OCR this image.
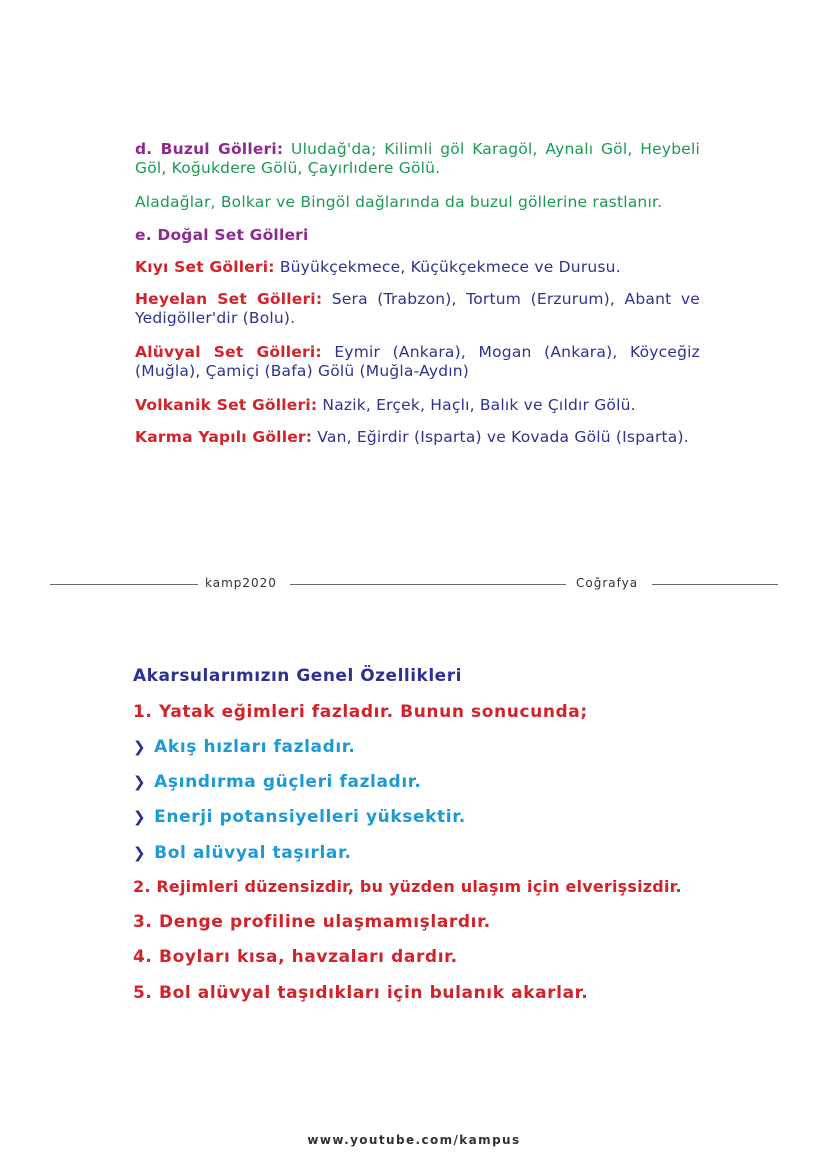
d. Buzul Gölleri: Uludağ'da; Kilimli göl Karagöl, Aynalı Göl, Heybeli Göl, Koğukdere Gölü, Çayırlıdere Gölü.
Aladağlar, Bolkar ve Bingöl dağlarında da buzul göllerine rastlanır.
e. Doğal Set Gölleri
Kıyı Set Gölleri: Büyükçekmece, Küçükçekmece ve Durusu.
Heyelan Set Gölleri: Sera (Trabzon), Tortum (Erzurum), Abant ve Yedigöller'dir (Bolu).
Alüvyal Set Gölleri: Eymir (Ankara), Mogan (Ankara), Köyceğiz (Muğla), Çamiçi (Bafa) Gölü (Muğla-Aydın)
Volkanik Set Gölleri: Nazik, Erçek, Haçlı, Balık ve Çıldır Gölü.
Karma Yapılı Göller: Van, Eğirdir (Isparta) ve Kovada Gölü (Isparta).
kamp2020	Coğrafya
Akarsularımızın Genel Özellikleri
1. Yatak eğimleri fazladır. Bunun sonucunda;
❯ Akış hızları fazladır.
❯ Aşındırma güçleri fazladır.
❯ Enerji potansiyelleri yüksektir.
❯ Bol alüvyal taşırlar.
2. Rejimleri düzensizdir, bu yüzden ulaşım için elverişsizdir.
3. Denge profiline ulaşmamışlardır.
4. Boyları kısa, havzaları dardır.
5. Bol alüvyal taşıdıkları için bulanık akarlar.
www.youtube.com/kampus
